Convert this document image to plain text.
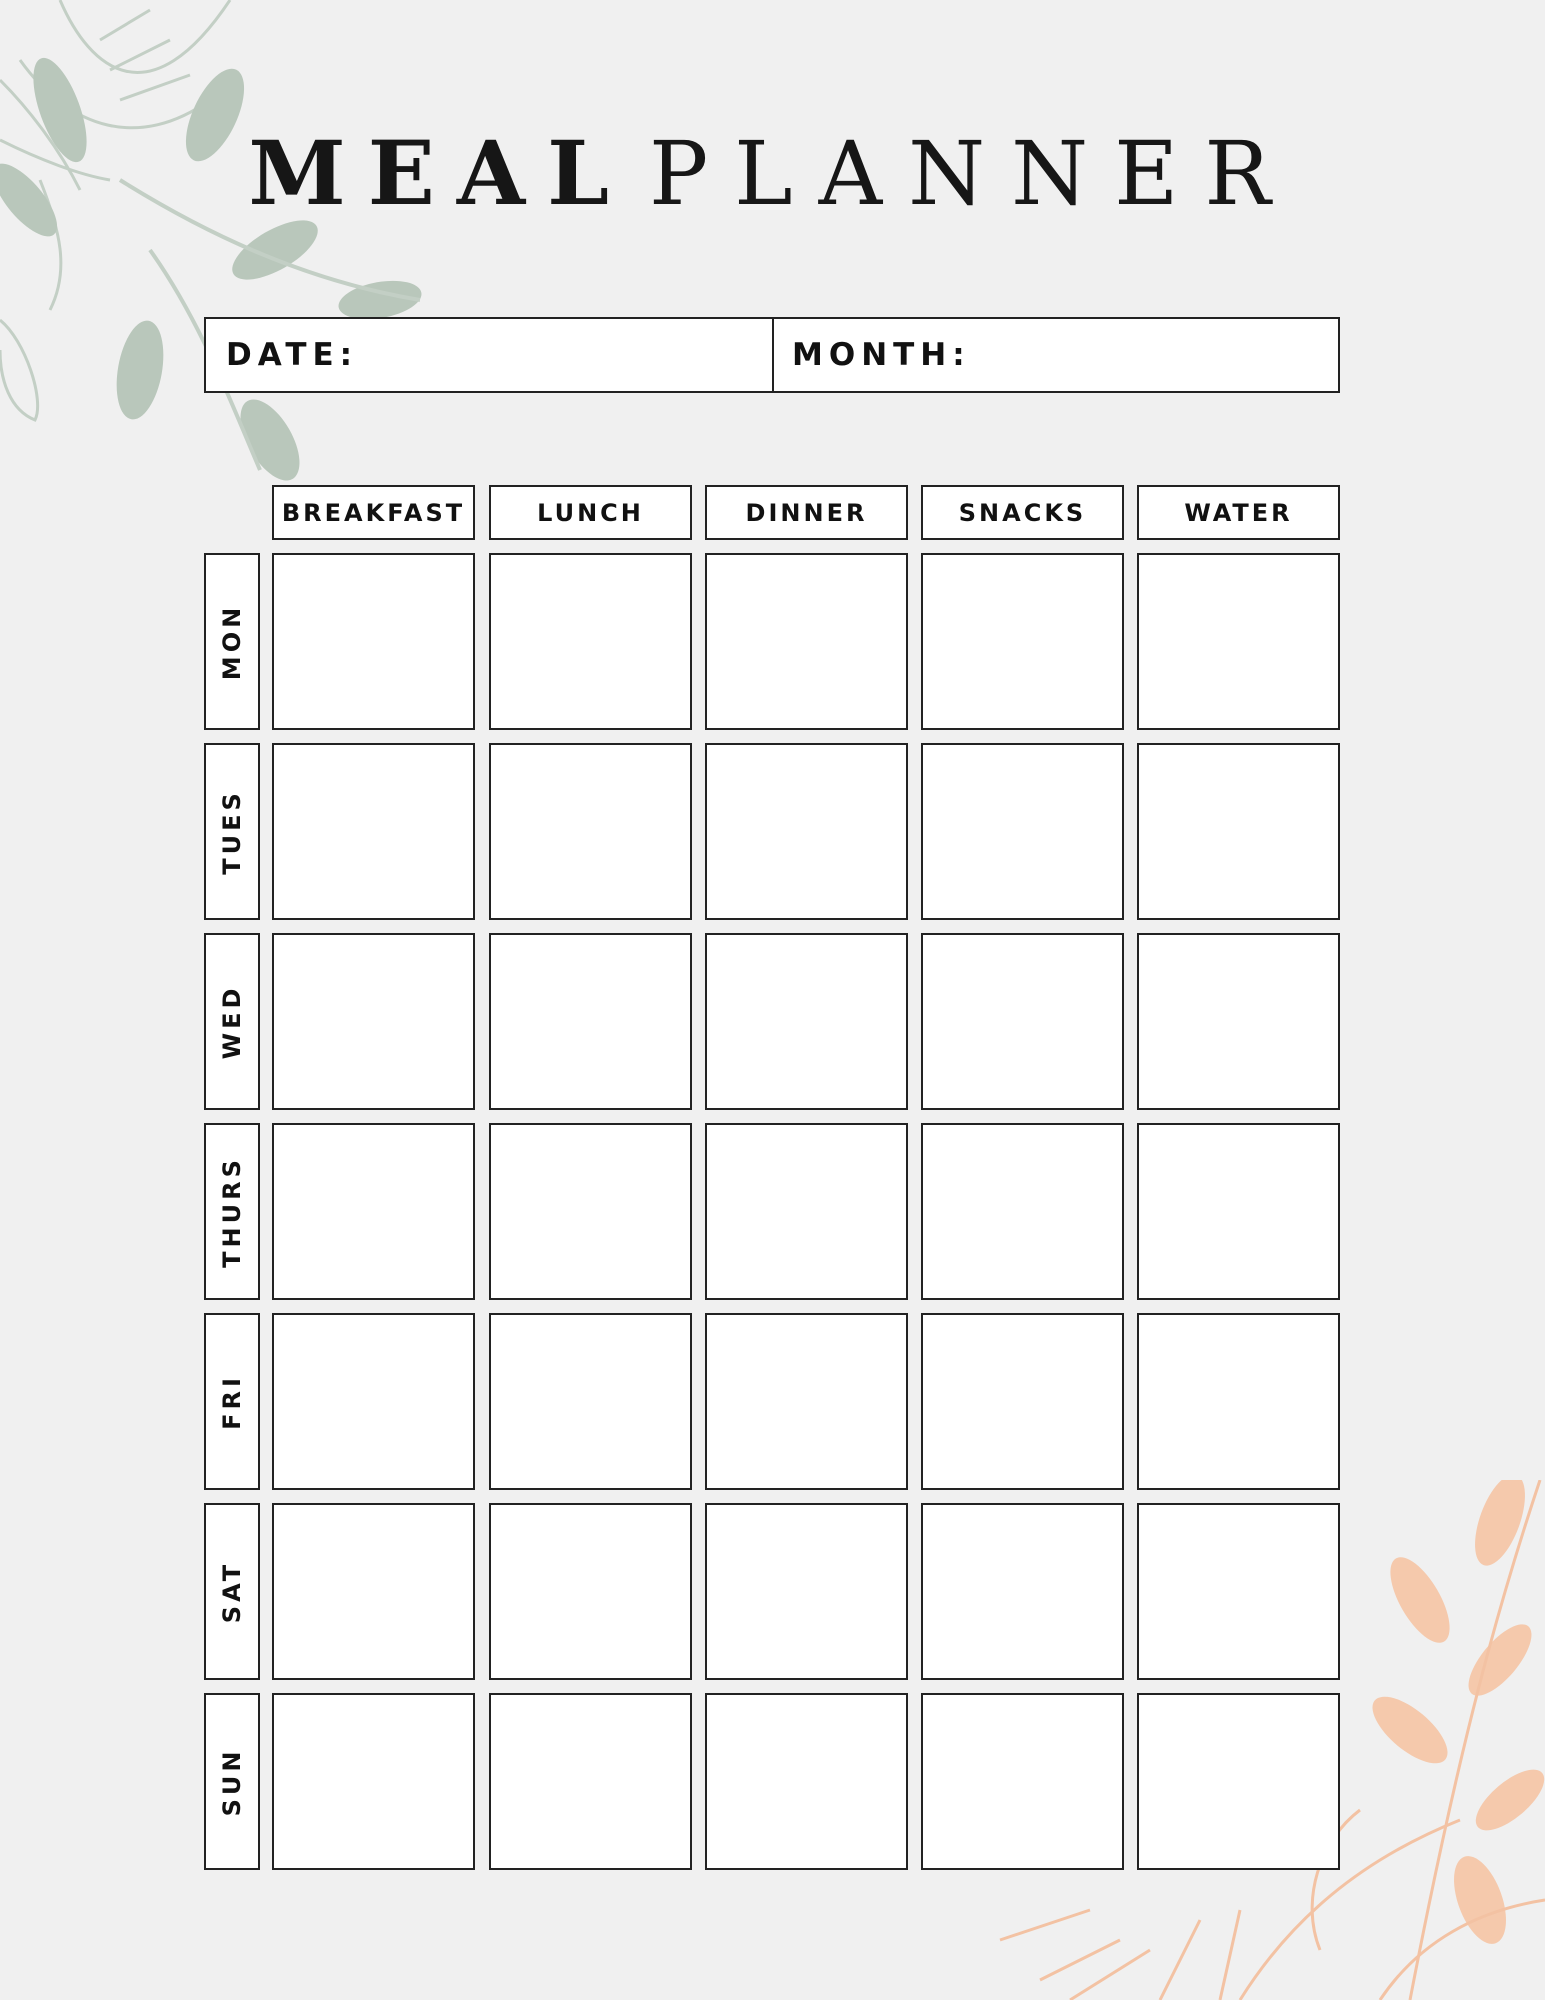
MEAL PLANNER
DATE:	MONTH:
BREAKFAST	LUNCH	DINNER	SNACKS	WATER
MON
TUES
WED
THURS
FRI
SAT
SUN
